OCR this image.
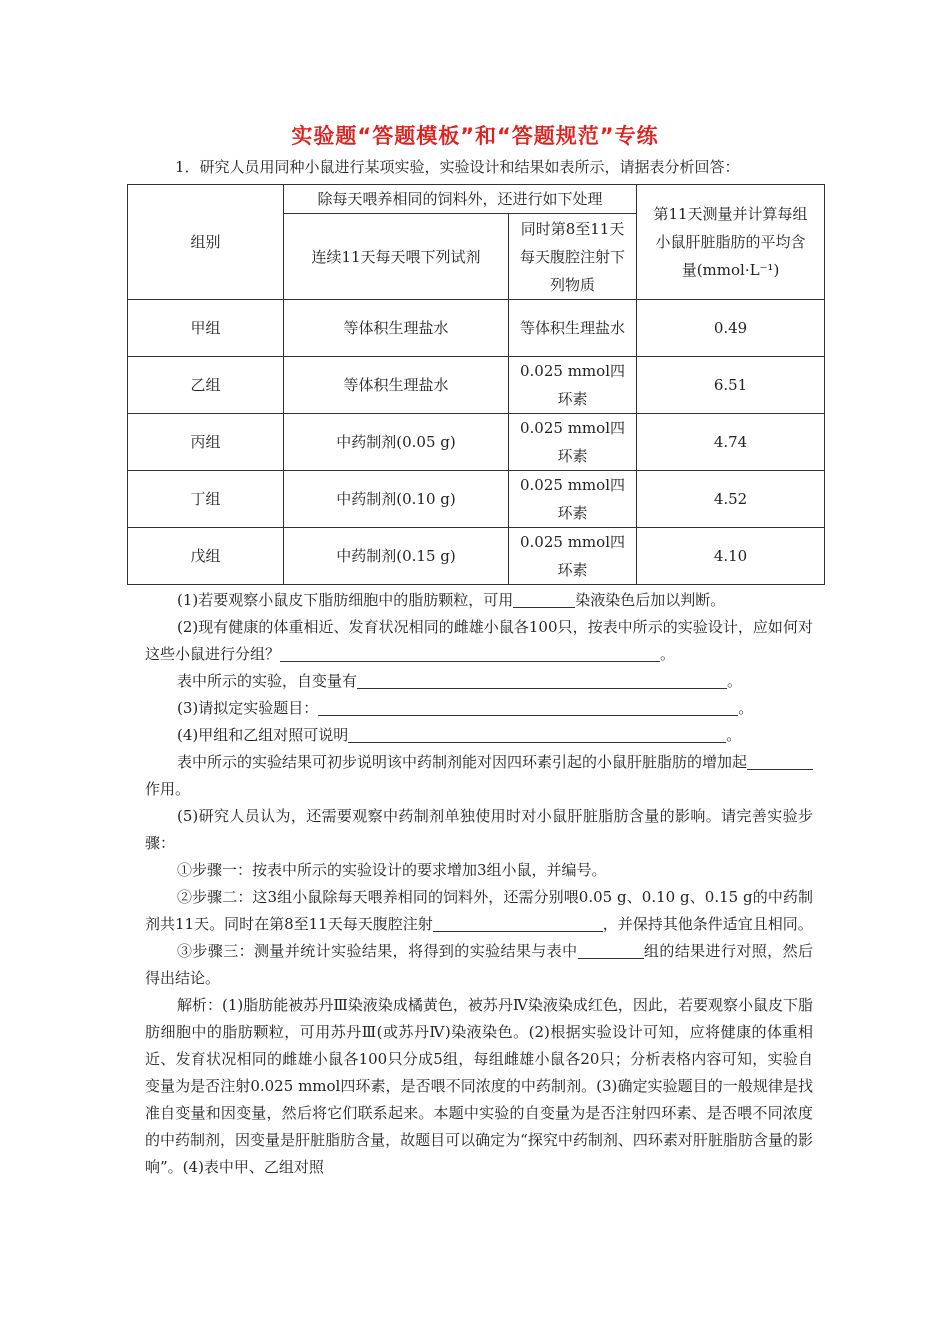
实验题“答题模板”和“答题规范”专练
1．研究人员用同种小鼠进行某项实验，实验设计和结果如表所示，请据表分析回答：
组别	除每天喂养相同的饲料外，还进行如下处理		第11天测量并计算每组小鼠肝脏脂肪的平均含量(mmol·L⁻¹)
	连续11天每天喂下列试剂	同时第8至11天每天腹腔注射下列物质	
甲组	等体积生理盐水	等体积生理盐水	0.49
乙组	等体积生理盐水	0.025 mmol四环素	6.51
丙组	中药制剂(0.05 g)	0.025 mmol四环素	4.74
丁组	中药制剂(0.10 g)	0.025 mmol四环素	4.52
戊组	中药制剂(0.15 g)	0.025 mmol四环素	4.10

(1)若要观察小鼠皮下脂肪细胞中的脂肪颗粒，可用	染液染色后加以判断。

(2)现有健康的体重相近、发育状况相同的雌雄小鼠各100只，按表中所示的实验设计，应如何对这些小鼠进行分组？	。

表中所示的实验，自变量有	。

(3)请拟定实验题目：	。

(4)甲组和乙组对照可说明	。

表中所示的实验结果可初步说明该中药制剂能对因四环素引起的小鼠肝脏脂肪的增加起作用。

(5)研究人员认为，还需要观察中药制剂单独使用时对小鼠肝脏脂肪含量的影响。请完善实验步骤：

①步骤一：按表中所示的实验设计的要求增加3组小鼠，并编号。

②步骤二：这3组小鼠除每天喂养相同的饲料外，还需分别喂0.05 g、0.10 g、0.15 g的中药制剂共11天。同时在第8至11天每天腹腔注射	，并保持其他条件适宜且相同。

③步骤三：测量并统计实验结果，将得到的实验结果与表中	组的结果进行对照，然后得出结论。

解析：(1)脂肪能被苏丹Ⅲ染液染成橘黄色，被苏丹Ⅳ染液染成红色，因此，若要观察小鼠皮下脂肪细胞中的脂肪颗粒，可用苏丹Ⅲ(或苏丹Ⅳ)染液染色。(2)根据实验设计可知，应将健康的体重相近、发育状况相同的雌雄小鼠各100只分成5组，每组雌雄小鼠各20只；分析表格内容可知，实验自变量为是否注射0.025 mmol四环素，是否喂不同浓度的中药制剂。(3)确定实验题目的一般规律是找准自变量和因变量，然后将它们联系起来。本题中实验的自变量为是否注射四环素、是否喂不同浓度的中药制剂，因变量是肝脏脂肪含量，故题目可以确定为“探究中药制剂、四环素对肝脏脂肪含量的影响”。(4)表中甲、乙组对照
